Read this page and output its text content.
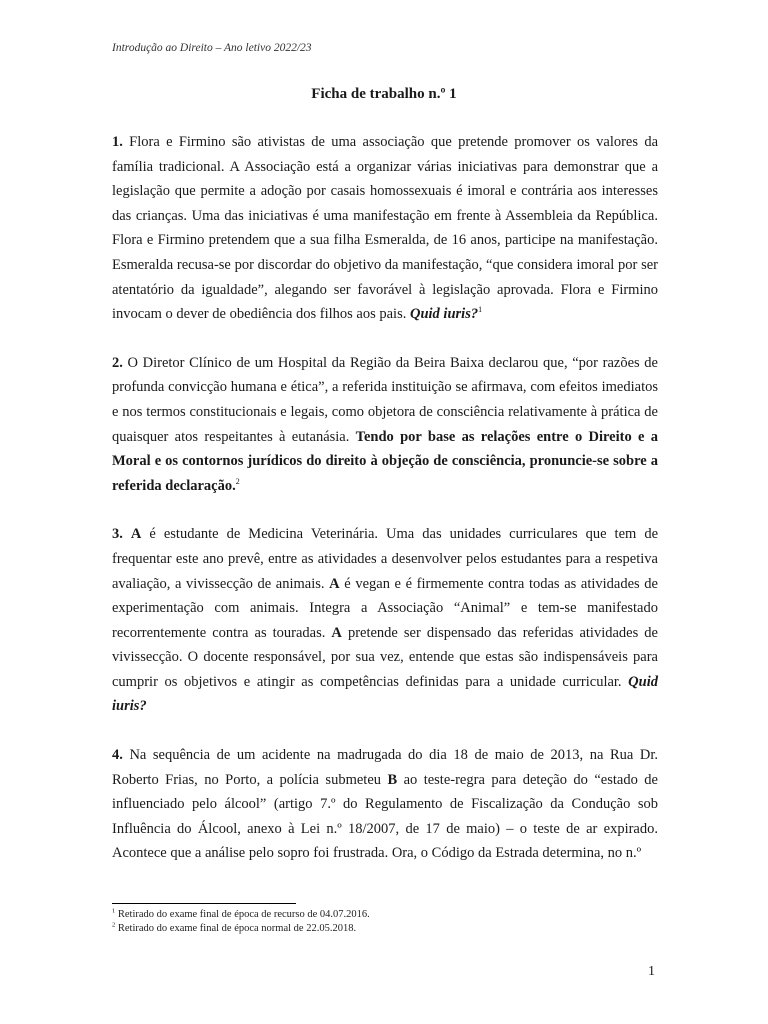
Introdução ao Direito – Ano letivo 2022/23
Ficha de trabalho n.º 1

1. Flora e Firmino são ativistas de uma associação que pretende promover os valores da família tradicional. A Associação está a organizar várias iniciativas para demonstrar que a legislação que permite a adoção por casais homossexuais é imoral e contrária aos interesses das crianças. Uma das iniciativas é uma manifestação em frente à Assembleia da República. Flora e Firmino pretendem que a sua filha Esmeralda, de 16 anos, participe na manifestação. Esmeralda recusa-se por discordar do objetivo da manifestação, “que considera imoral por ser atentatório da igualdade”, alegando ser favorável à legislação aprovada. Flora e Firmino invocam o dever de obediência dos filhos aos pais. Quid iuris?$^1$

2. O Diretor Clínico de um Hospital da Região da Beira Baixa declarou que, “por razões de profunda convicção humana e ética”, a referida instituição se afirmava, com efeitos imediatos e nos termos constitucionais e legais, como objetora de consciência relativamente à prática de quaisquer atos respeitantes à eutanásia. Tendo por base as relações entre o Direito e a Moral e os contornos jurídicos do direito à objeção de consciência, pronuncie-se sobre a referida declaração.$^2$

3. A é estudante de Medicina Veterinária. Uma das unidades curriculares que tem de frequentar este ano prevê, entre as atividades a desenvolver pelos estudantes para a respetiva avaliação, a vivissecção de animais. A é vegan e é firmemente contra todas as atividades de experimentação com animais. Integra a Associação “Animal” e tem-se manifestado recorrentemente contra as touradas. A pretende ser dispensado das referidas atividades de vivissecção. O docente responsável, por sua vez, entende que estas são indispensáveis para cumprir os objetivos e atingir as competências definidas para a unidade curricular. Quid iuris?

4. Na sequência de um acidente na madrugada do dia 18 de maio de 2013, na Rua Dr. Roberto Frias, no Porto, a polícia submeteu B ao teste-regra para deteção do “estado de influenciado pelo álcool” (artigo 7.º do Regulamento de Fiscalização da Condução sob Influência do Álcool, anexo à Lei n.º 18/2007, de 17 de maio) – o teste de ar expirado. Acontece que a análise pelo sopro foi frustrada. Ora, o Código da Estrada determina, no n.º

$^1$ Retirado do exame final de época de recurso de 04.07.2016.
$^2$ Retirado do exame final de época normal de 22.05.2018.
1
